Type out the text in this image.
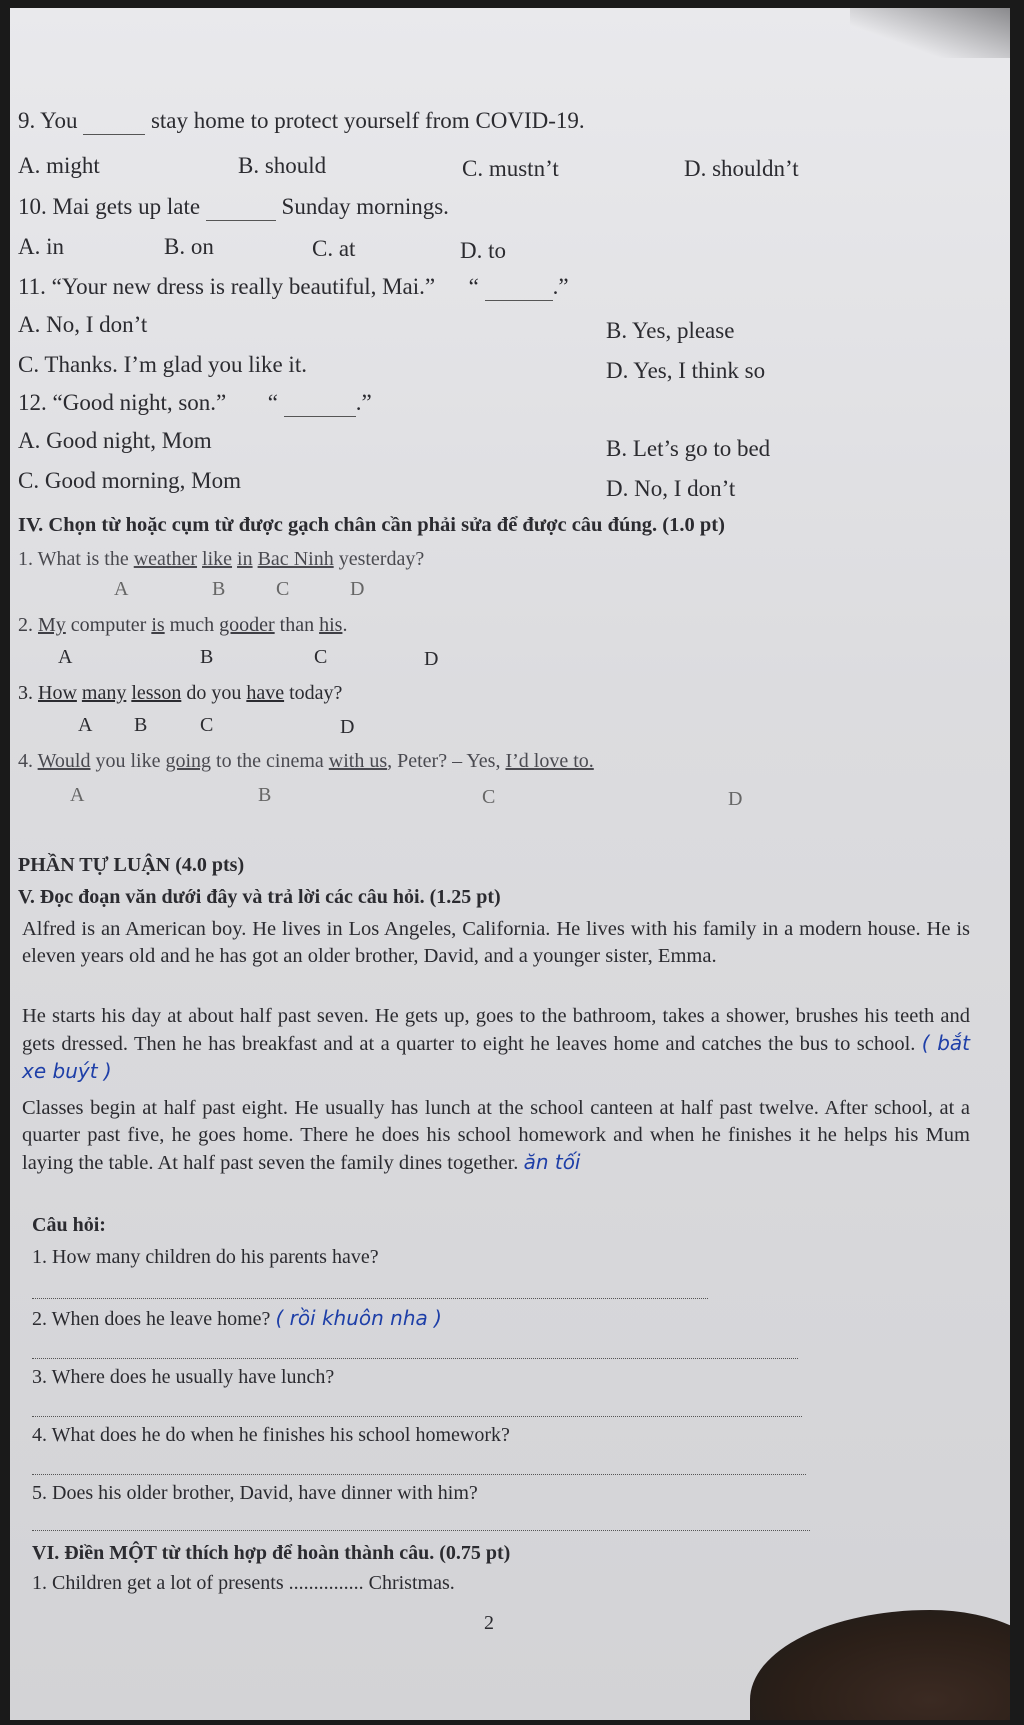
9. You	stay home to protect yourself from COVID-19.
A. might	B. should	C. mustn’t	D. shouldn’t
10. Mai gets up late	Sunday mornings.
A. in	B. on	C. at	D. to
11. “Your new dress is really beautiful, Mai.” “	.”
A. No, I don’t	B. Yes, please
C. Thanks. I’m glad you like it.	D. Yes, I think so
12. “Good night, son.” “	.”
A. Good night, Mom	B. Let’s go to bed
C. Good morning, Mom	D. No, I don’t
IV. Chọn từ hoặc cụm từ được gạch chân cần phải sửa để được câu đúng. (1.0 pt)
1. What is the weather like in Bac Ninh yesterday?
A	B	C	D
2. My computer is much gooder than his.
A	B	C	D
3. How many lesson do you have today?
A B	C	D
4. Would you like going to the cinema with us, Peter? – Yes, I’d love to.
A	B	C	D
PHẦN TỰ LUẬN (4.0 pts)
V. Đọc đoạn văn dưới đây và trả lời các câu hỏi. (1.25 pt)
Alfred is an American boy. He lives in Los Angeles, California. He lives with his family in a modern house. He is eleven years old and he has got an older brother, David, and a younger sister, Emma.
He starts his day at about half past seven. He gets up, goes to the bathroom, takes a shower, brushes his teeth and gets dressed. Then he has breakfast and at a quarter to eight he leaves home and catches the bus to school. ( bắt xe buýt )
Classes begin at half past eight. He usually has lunch at the school canteen at half past twelve. After school, at a quarter past five, he goes home. There he does his school homework and when he finishes it he helps his Mum laying the table. At half past seven the family dines together. ăn tối
Câu hỏi:
1. How many children do his parents have?
2. When does he leave home? ( rồi khuôn nha )
3. Where does he usually have lunch?
4. What does he do when he finishes his school homework?
5. Does his older brother, David, have dinner with him?
VI. Điền MỘT từ thích hợp để hoàn thành câu. (0.75 pt)
1. Children get a lot of presents ............... Christmas.
2
